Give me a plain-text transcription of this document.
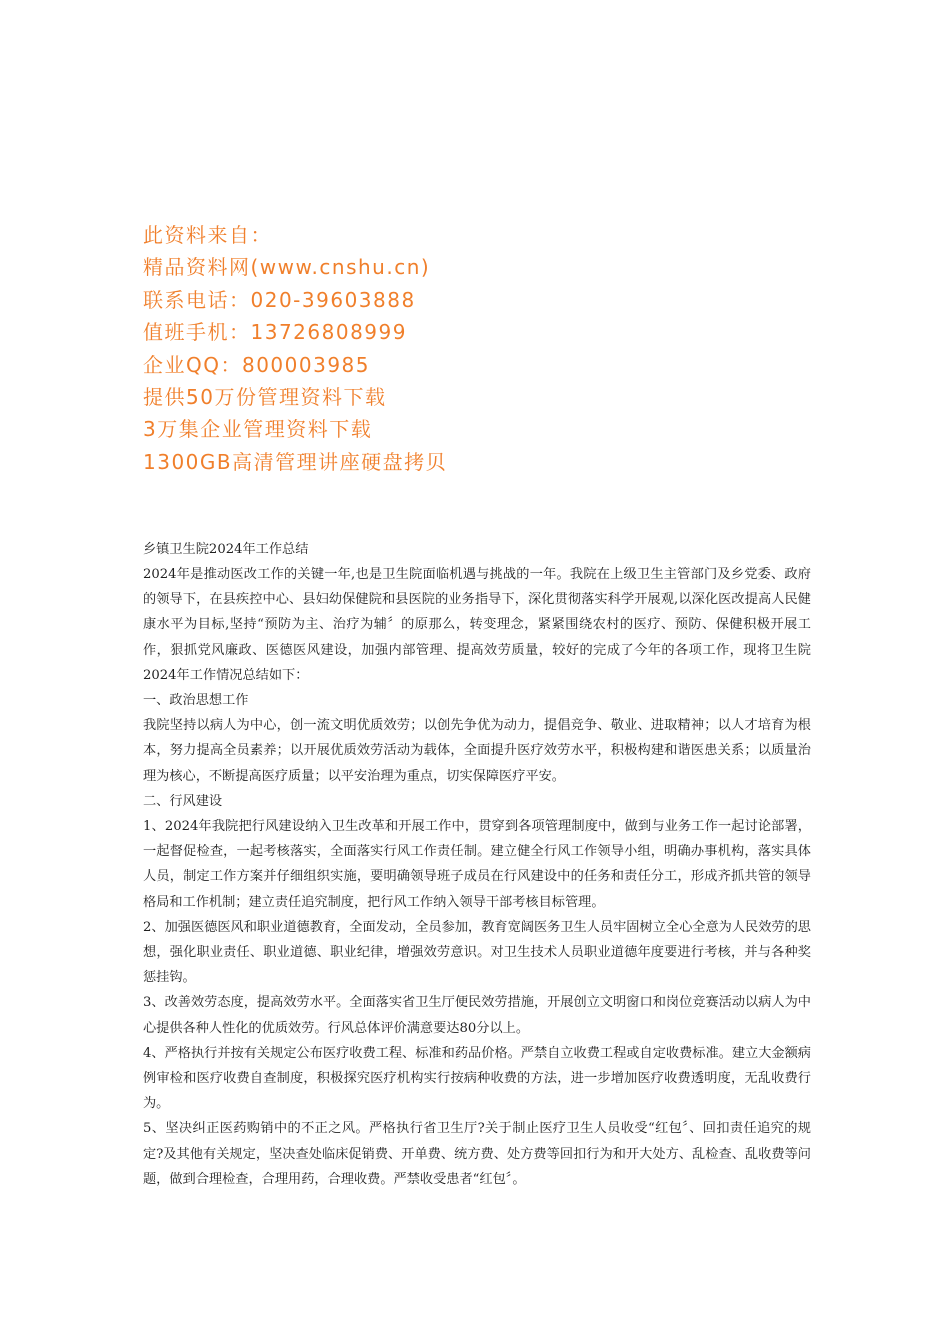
此资料来自：
精品资料网(www.cnshu.cn)
联系电话：020-39603888
值班手机：13726808999
企业QQ：800003985
提供50万份管理资料下载
3万集企业管理资料下载
1300GB高清管理讲座硬盘拷贝
乡镇卫生院2024年工作总结

2024年是推动医改工作的关键一年,也是卫生院面临机遇与挑战的一年。我院在上级卫生主管部门及乡党委、政府的领导下，在县疾控中心、县妇幼保健院和县医院的业务指导下，深化贯彻落实科学开展观,以深化医改提高人民健康水平为目标,坚持“预防为主、治疗为辅〞的原那么，转变理念，紧紧围绕农村的医疗、预防、保健积极开展工作，狠抓党风廉政、医德医风建设，加强内部管理、提高效劳质量，较好的完成了今年的各项工作，现将卫生院2024年工作情况总结如下：

一、政治思想工作

我院坚持以病人为中心，创一流文明优质效劳；以创先争优为动力，提倡竞争、敬业、进取精神；以人才培育为根本，努力提高全员素养；以开展优质效劳活动为载体，全面提升医疗效劳水平，积极构建和谐医患关系；以质量治理为核心，不断提高医疗质量；以平安治理为重点，切实保障医疗平安。

二、行风建设

1、2024年我院把行风建设纳入卫生改革和开展工作中，贯穿到各项管理制度中，做到与业务工作一起讨论部署，一起督促检查，一起考核落实，全面落实行风工作责任制。建立健全行风工作领导小组，明确办事机构，落实具体人员，制定工作方案并仔细组织实施，要明确领导班子成员在行风建设中的任务和责任分工，形成齐抓共管的领导格局和工作机制；建立责任追究制度，把行风工作纳入领导干部考核目标管理。

2、加强医德医风和职业道德教育，全面发动，全员参加，教育宽阔医务卫生人员牢固树立全心全意为人民效劳的思想，强化职业责任、职业道德、职业纪律，增强效劳意识。对卫生技术人员职业道德年度要进行考核，并与各种奖惩挂钩。

3、改善效劳态度，提高效劳水平。全面落实省卫生厅便民效劳措施，开展创立文明窗口和岗位竞赛活动以病人为中心提供各种人性化的优质效劳。行风总体评价满意要达80分以上。

4、严格执行并按有关规定公布医疗收费工程、标准和药品价格。严禁自立收费工程或自定收费标准。建立大金额病例审检和医疗收费自查制度，积极探究医疗机构实行按病种收费的方法，进一步增加医疗收费透明度，无乱收费行为。

5、坚决纠正医药购销中的不正之风。严格执行省卫生厅?关于制止医疗卫生人员收受“红包〞、回扣责任追究的规定?及其他有关规定，坚决查处临床促销费、开单费、统方费、处方费等回扣行为和开大处方、乱检查、乱收费等问题，做到合理检查，合理用药，合理收费。严禁收受患者“红包〞。
